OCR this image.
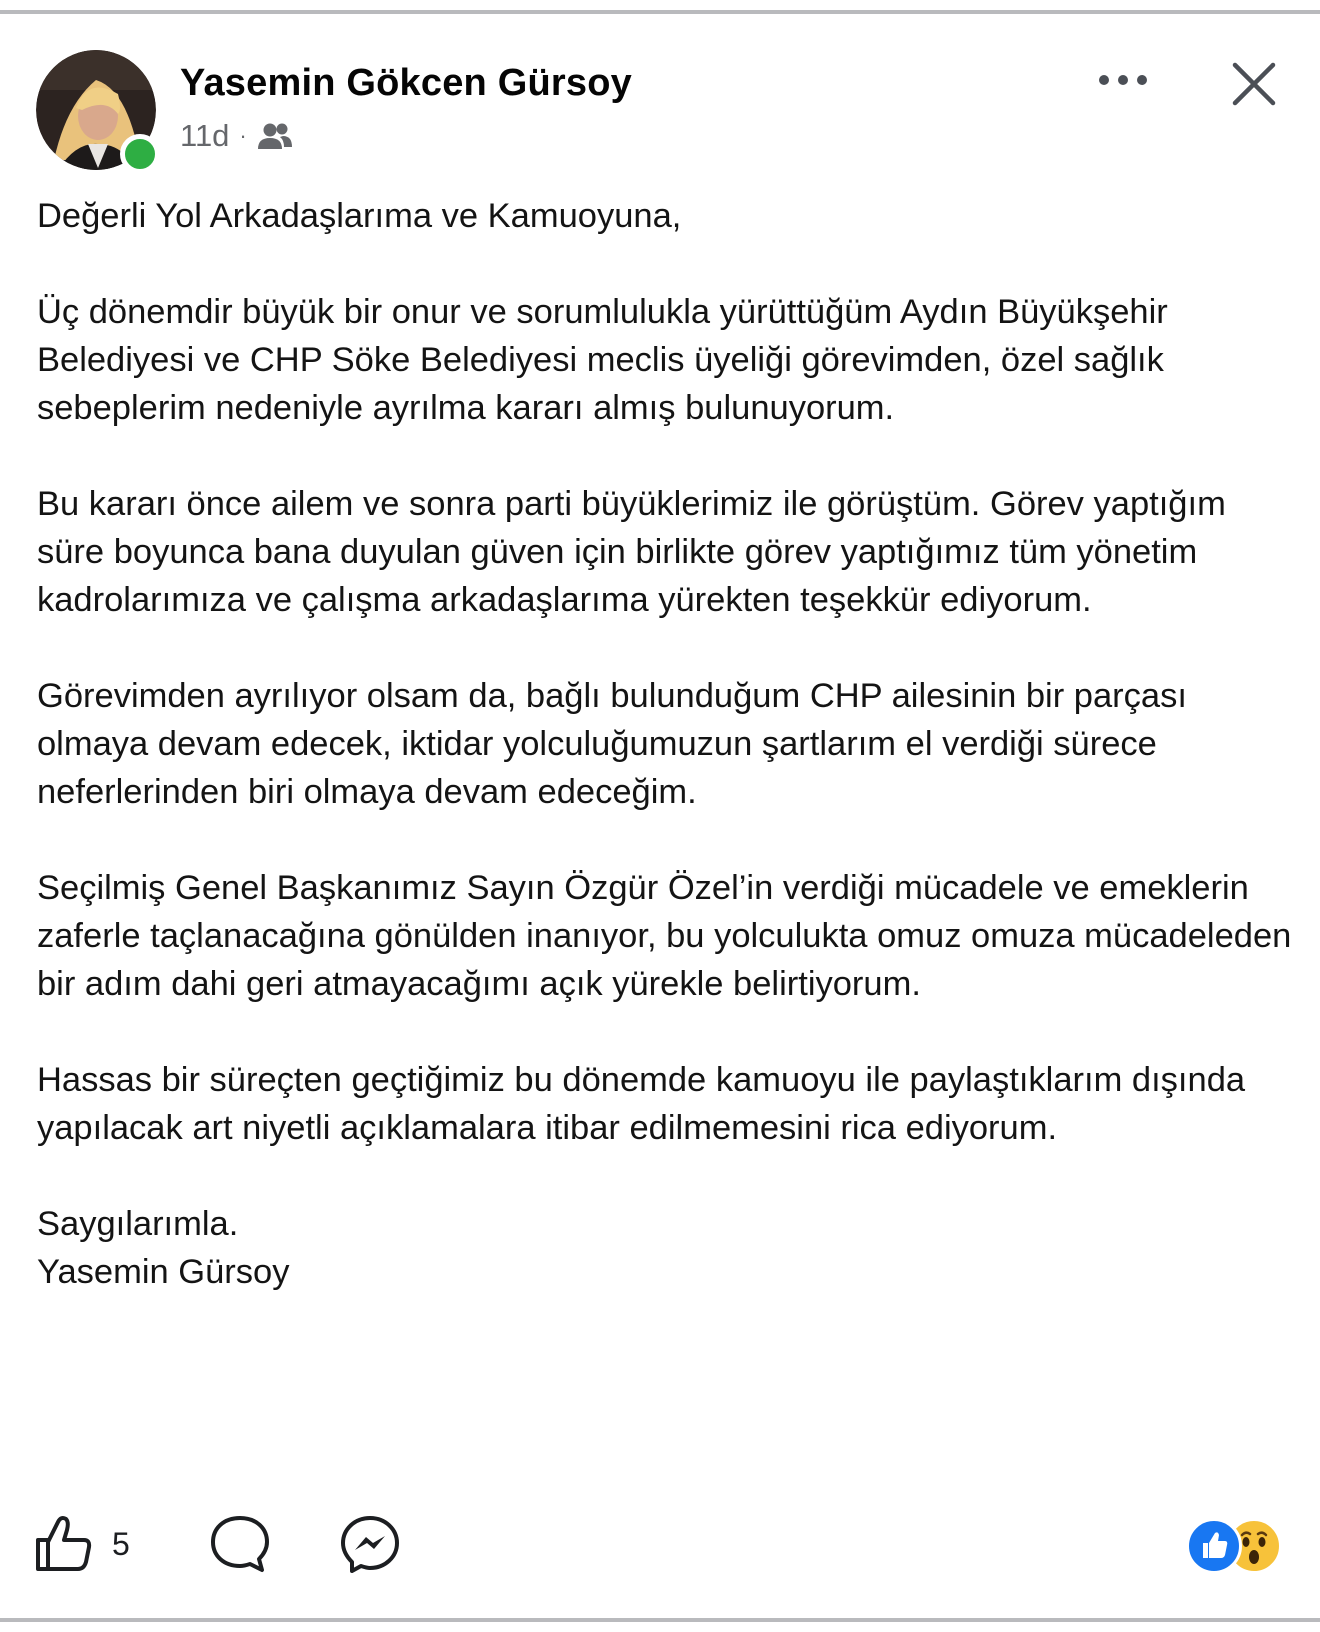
Yasemin Gökcen Gürsoy
11d ·

Değerli Yol Arkadaşlarıma ve Kamuoyuna,

Üç dönemdir büyük bir onur ve sorumlulukla yürüttüğüm Aydın Büyükşehir Belediyesi ve CHP Söke Belediyesi meclis üyeliği görevimden, özel sağlık sebeplerim nedeniyle ayrılma kararı almış bulunuyorum.

Bu kararı önce ailem ve sonra parti büyüklerimiz ile görüştüm. Görev yaptığım süre boyunca bana duyulan güven için birlikte görev yaptığımız tüm yönetim kadrolarımıza ve çalışma arkadaşlarıma yürekten teşekkür ediyorum.

Görevimden ayrılıyor olsam da, bağlı bulunduğum CHP ailesinin bir parçası olmaya devam edecek, iktidar yolculuğumuzun şartlarım el verdiği sürece neferlerinden biri olmaya devam edeceğim.

Seçilmiş Genel Başkanımız Sayın Özgür Özel’in verdiği mücadele ve emeklerin zaferle taçlanacağına gönülden inanıyor, bu yolculukta omuz omuza mücadeleden bir adım dahi geri atmayacağımı açık yürekle belirtiyorum.

Hassas bir süreçten geçtiğimiz bu dönemde kamuoyu ile paylaştıklarım dışında yapılacak art niyetli açıklamalara itibar edilmemesini rica ediyorum.

Saygılarımla.
Yasemin Gürsoy
5
